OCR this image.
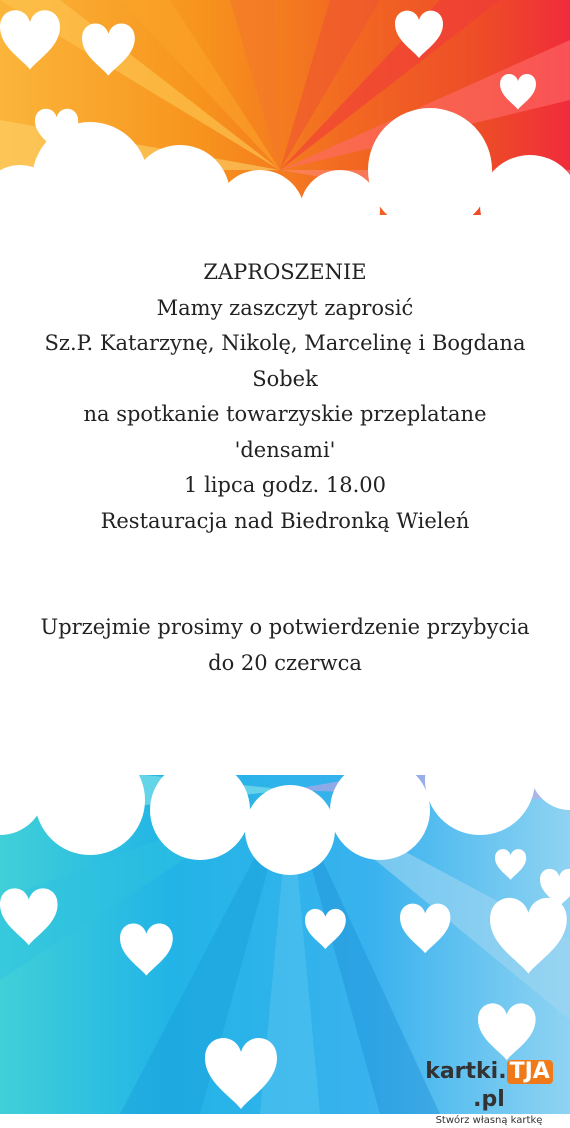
ZAPROSZENIE
Mamy zaszczyt zaprosić
Sz.P. Katarzynę, Nikolę, Marcelinę i Bogdana
Sobek
na spotkanie towarzyskie przeplatane
'densami'
1 lipca godz. 18.00
Restauracja nad Biedronką Wieleń
Uprzejmie prosimy o potwierdzenie przybycia
do 20 czerwca
kartki. TJA.pl
Stwórz własną kartkę
